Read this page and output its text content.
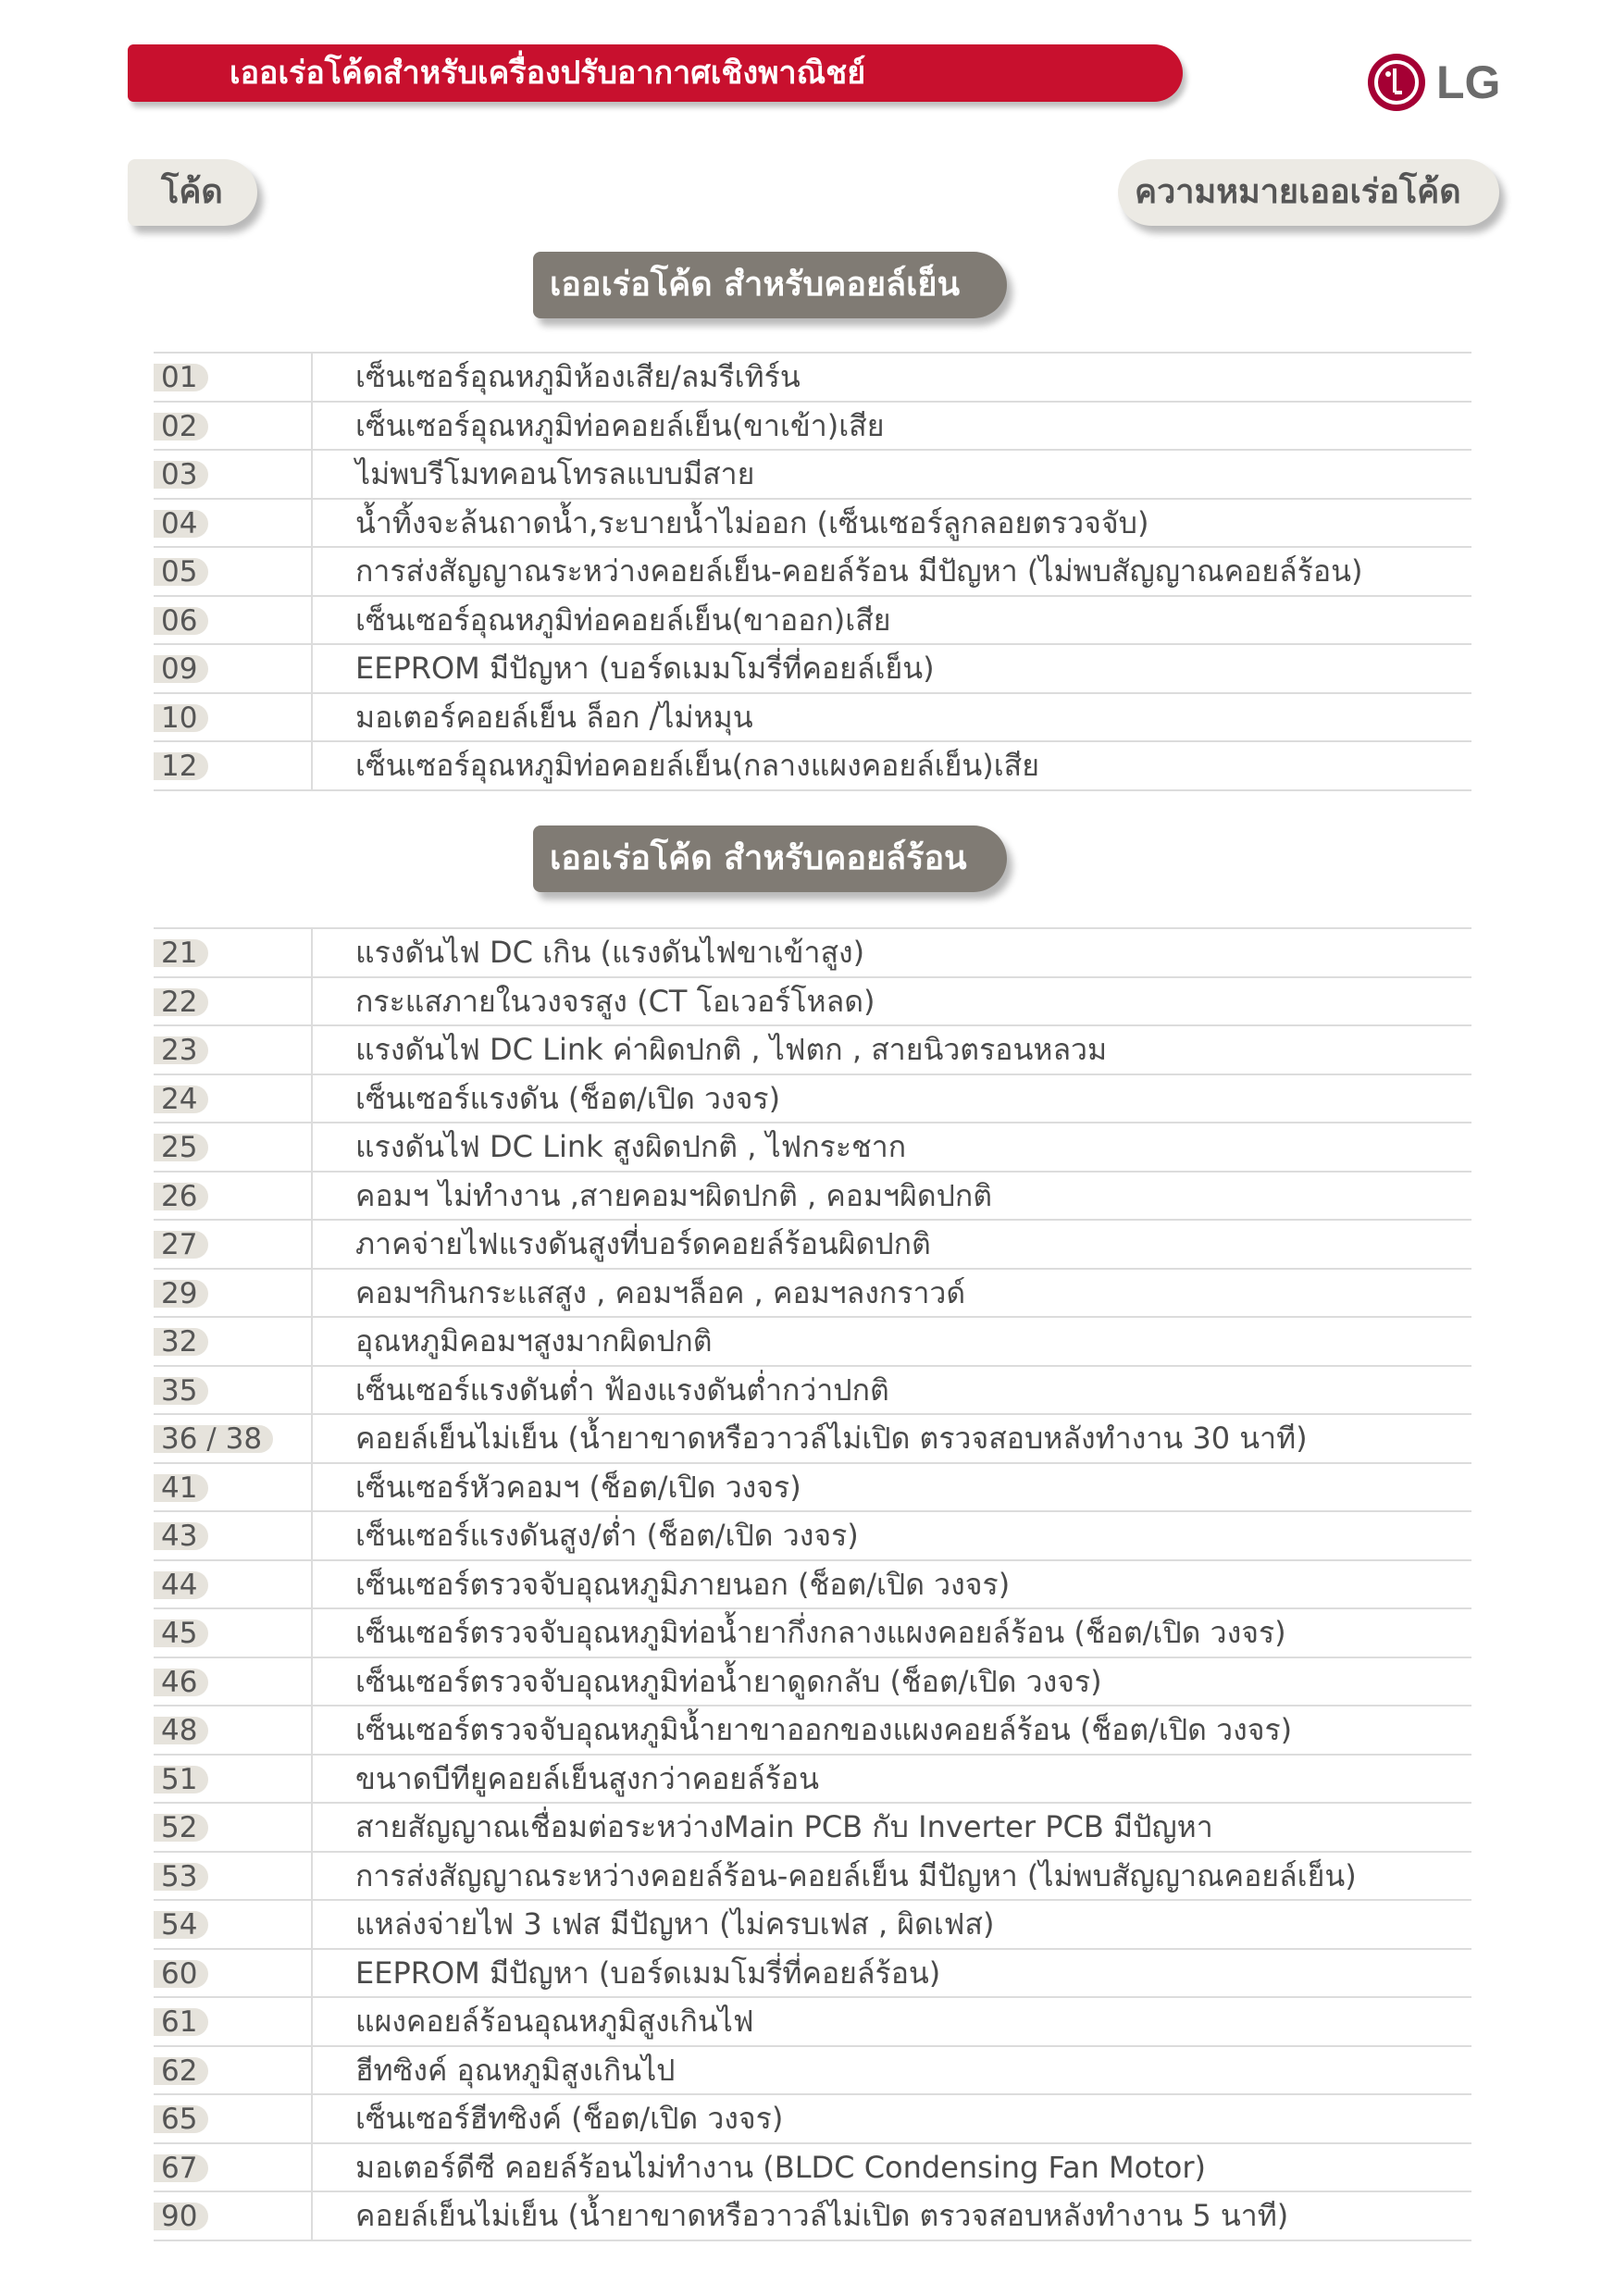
เออเร่อโค้ดสำหรับเครื่องปรับอากาศเชิงพาณิชย์	LG
โค้ด	ความหมายเออเร่อโค้ด
เออเร่อโค้ด สำหรับคอยล์เย็น
01	เซ็นเซอร์อุณหภูมิห้องเสีย/ลมรีเทิร์น
02	เซ็นเซอร์อุณหภูมิท่อคอยล์เย็น(ขาเข้า)เสีย
03	ไม่พบรีโมทคอนโทรลแบบมีสาย
04	น้ำทิ้งจะล้นถาดน้ำ,ระบายน้ำไม่ออก (เซ็นเซอร์ลูกลอยตรวจจับ)
05	การส่งสัญญาณระหว่างคอยล์เย็น-คอยล์ร้อน มีปัญหา (ไม่พบสัญญาณคอยล์ร้อน)
06	เซ็นเซอร์อุณหภูมิท่อคอยล์เย็น(ขาออก)เสีย
09	EEPROM มีปัญหา (บอร์ดเมมโมรี่ที่คอยล์เย็น)
10	มอเตอร์คอยล์เย็น ล็อก /ไม่หมุน
12	เซ็นเซอร์อุณหภูมิท่อคอยล์เย็น(กลางแผงคอยล์เย็น)เสีย
เออเร่อโค้ด สำหรับคอยล์ร้อน
21	แรงดันไฟ DC เกิน (แรงดันไฟขาเข้าสูง)
22	กระแสภายในวงจรสูง (CT โอเวอร์โหลด)
23	แรงดันไฟ DC Link ค่าผิดปกติ , ไฟตก , สายนิวตรอนหลวม
24	เซ็นเซอร์แรงดัน (ช็อต/เปิด วงจร)
25	แรงดันไฟ DC Link สูงผิดปกติ , ไฟกระชาก
26	คอมฯ ไม่ทำงาน ,สายคอมฯผิดปกติ , คอมฯผิดปกติ
27	ภาคจ่ายไฟแรงดันสูงที่บอร์ดคอยล์ร้อนผิดปกติ
29	คอมฯกินกระแสสูง , คอมฯล็อค , คอมฯลงกราวด์
32	อุณหภูมิคอมฯสูงมากผิดปกติ
35	เซ็นเซอร์แรงดันต่ำ ฟ้องแรงดันต่ำกว่าปกติ
36 / 38	คอยล์เย็นไม่เย็น (น้ำยาขาดหรือวาวล์ไม่เปิด ตรวจสอบหลังทำงาน 30 นาที)
41	เซ็นเซอร์หัวคอมฯ (ช็อต/เปิด วงจร)
43	เซ็นเซอร์แรงดันสูง/ต่ำ (ช็อต/เปิด วงจร)
44	เซ็นเซอร์ตรวจจับอุณหภูมิภายนอก (ช็อต/เปิด วงจร)
45	เซ็นเซอร์ตรวจจับอุณหภูมิท่อน้ำยากึ่งกลางแผงคอยล์ร้อน (ช็อต/เปิด วงจร)
46	เซ็นเซอร์ตรวจจับอุณหภูมิท่อน้ำยาดูดกลับ (ช็อต/เปิด วงจร)
48	เซ็นเซอร์ตรวจจับอุณหภูมิน้ำยาขาออกของแผงคอยล์ร้อน (ช็อต/เปิด วงจร)
51	ขนาดบีทียูคอยล์เย็นสูงกว่าคอยล์ร้อน
52	สายสัญญาณเชื่อมต่อระหว่างMain PCB กับ Inverter PCB มีปัญหา
53	การส่งสัญญาณระหว่างคอยล์ร้อน-คอยล์เย็น มีปัญหา (ไม่พบสัญญาณคอยล์เย็น)
54	แหล่งจ่ายไฟ 3 เฟส มีปัญหา (ไม่ครบเฟส , ผิดเฟส)
60	EEPROM มีปัญหา (บอร์ดเมมโมรี่ที่คอยล์ร้อน)
61	แผงคอยล์ร้อนอุณหภูมิสูงเกินไฟ
62	ฮีทซิงค์ อุณหภูมิสูงเกินไป
65	เซ็นเซอร์ฮีทซิงค์ (ช็อต/เปิด วงจร)
67	มอเตอร์ดีซี คอยล์ร้อนไม่ทำงาน (BLDC Condensing Fan Motor)
90	คอยล์เย็นไม่เย็น (น้ำยาขาดหรือวาวล์ไม่เปิด ตรวจสอบหลังทำงาน 5 นาที)
